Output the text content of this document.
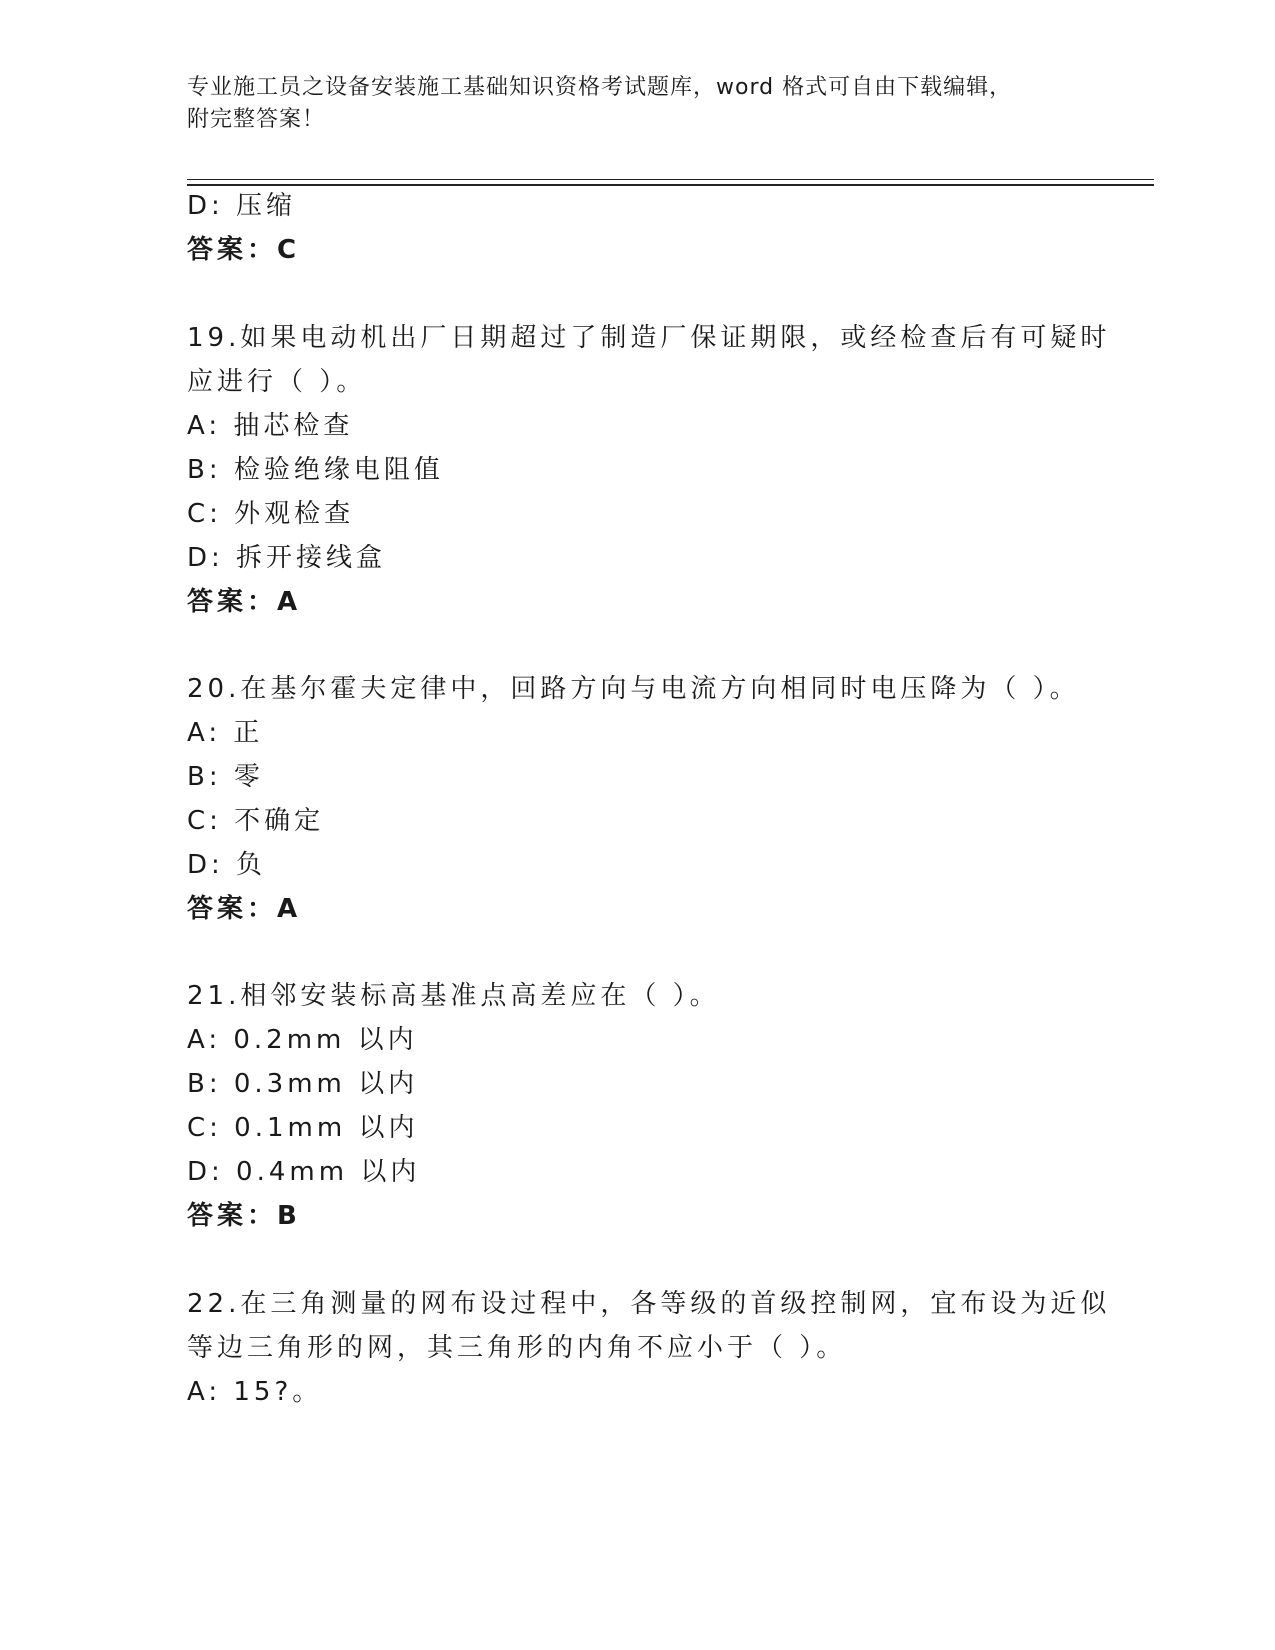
专业施工员之设备安装施工基础知识资格考试题库，word 格式可自由下载编辑，
附完整答案！
D: 压缩
答案：C
19.如果电动机出厂日期超过了制造厂保证期限，或经检查后有可疑时
应进行（ ）。
A: 抽芯检查
B: 检验绝缘电阻值
C: 外观检查
D: 拆开接线盒
答案：A
20.在基尔霍夫定律中，回路方向与电流方向相同时电压降为（ ）。
A: 正
B: 零
C: 不确定
D: 负
答案：A
21.相邻安装标高基准点高差应在（ ）。
A: 0.2mm 以内
B: 0.3mm 以内
C: 0.1mm 以内
D: 0.4mm 以内
答案：B
22.在三角测量的网布设过程中，各等级的首级控制网，宜布设为近似
等边三角形的网，其三角形的内角不应小于（ ）。
A: 15?。
